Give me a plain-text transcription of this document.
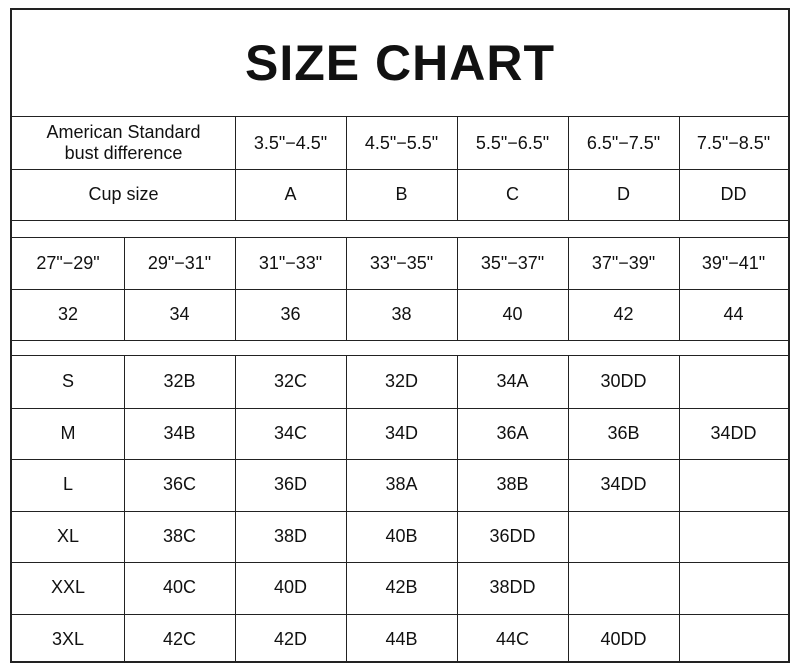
SIZE CHART
American Standard
bust difference
3.5"−4.5"	4.5"−5.5"	5.5"−6.5"	6.5"−7.5"	7.5"−8.5"
Cup size	A	B	C	D	DD
27"−29"	29"−31"	31"−33"	33"−35"	35"−37"	37"−39"	39"−41"
32	34	36	38	40	42	44
S	32B	32C	32D	34A	30DD
M	34B	34C	34D	36A	36B	34DD
L	36C	36D	38A	38B	34DD
XL	38C	38D	40B	36DD
XXL	40C	40D	42B	38DD
3XL	42C	42D	44B	44C	40DD
